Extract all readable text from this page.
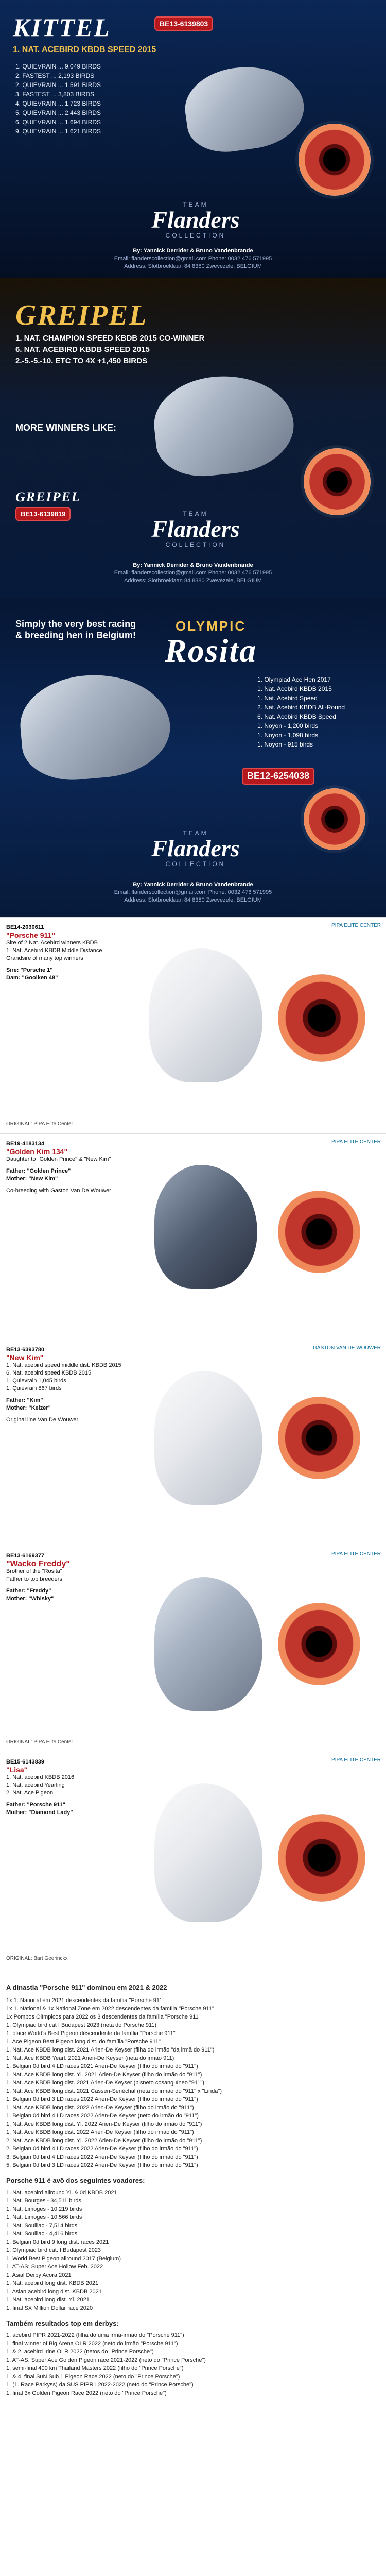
KITTEL	BE13-6139803
1. NAT. ACEBIRD KBDB SPEED 2015
1. QUIEVRAIN ... 9,049 BIRDS
2. FASTEST ... 2,193 BIRDS
2. QUIEVRAIN ... 1,591 BIRDS
3. FASTEST ... 3,803 BIRDS
4. QUIEVRAIN ... 1,723 BIRDS
5. QUIEVRAIN ... 2,443 BIRDS
6. QUIEVRAIN ... 1,694 BIRDS
9. QUIEVRAIN ... 1,621 BIRDS

TEAM
Flanders
COLLECTION
By: Yannick Derrider & Bruno Vandenbrande
Email: flanderscollection@gmail.com Phone: 0032 476 571995
Address: Slotbroeklaan 84 8380 Zwevezele, BELGIUM
GREIPEL
1. NAT. CHAMPION SPEED KBDB 2015 CO-WINNER
6. NAT. ACEBIRD KBDB SPEED 2015
2.-5.-5.-10. ETC TO 4X +1,450 BIRDS
MORE WINNERS LIKE:
GREIPEL
BE13-6139819	TEAM
Flanders
COLLECTION
By: Yannick Derrider & Bruno Vandenbrande
Email: flanderscollection@gmail.com Phone: 0032 476 571995
Address: Slotbroeklaan 84 8380 Zwevezele, BELGIUM
Simply the very best racing
& breeding hen in Belgium!
OLYMPIC
Rosita
1. Olympiad Ace Hen 2017
1. Nat. Acebird KBDB 2015
1. Nat. Acebird Speed
2. Nat. Acebird KBDB All-Round
6. Nat. Acebird KBDB Speed
1. Noyon - 1,200 birds
1. Noyon - 1,098 birds
1. Noyon - 915 birds
BE12-6254038
TEAM
Flanders
COLLECTION
By: Yannick Derrider & Bruno Vandenbrande
Email: flanderscollection@gmail.com Phone: 0032 476 571995
Address: Slotbroeklaan 84 8380 Zwevezele, BELGIUM
BE14-2030611
"Porsche 911"
Sire of 2 Nat. Acebird winners KBDB
1. Nat. Acebird KBDB Middle Distance
Grandsire of many top winners
Sire: "Porsche 1"
Dam: "Gooiken 48"
PIPA ELITE CENTER
ORIGINAL: PIPA Elite Center
BE19-4183134
"Golden Kim 134"
Daughter to "Golden Prince" & "New Kim"
Father: "Golden Prince"
Mother: "New Kim"
Co-breeding with Gaston Van De Wouwer
PIPA ELITE CENTER
BE13-6393780
"New Kim"
1. Nat. acebird speed middle dist. KBDB 2015
6. Nat. acebird speed KBDB 2015
1. Quievrain 1,045 birds
1. Quievrain 867 birds
Father: "Kim"
Mother: "Keizer"
Original line Van De Wouwer
GASTON VAN DE WOUWER
BE13-6169377
"Wacko Freddy"
Brother of the "Rosita"
Father to top breeders
Father: "Freddy"
Mother: "Whisky"
PIPA ELITE CENTER
ORIGINAL: PIPA Elite Center
BE15-6143839
"Lisa"
1. Nat. acebird KBDB 2016
1. Nat. acebird Yearling
2. Nat. Ace Pigeon
Father: "Porsche 911"
Mother: "Diamond Lady"
PIPA ELITE CENTER
ORIGINAL: Bart Geerinckx
A dinastia "Porsche 911" dominou em 2021 & 2022
1x 1. National em 2021 descendentes da família "Porsche 911"
1x 1. National & 1x National Zone em 2022 descendentes da família "Porsche 911"
1x Pombos Olímpicos para 2022 os 3 descendentes da família "Porsche 911"
1. Olympiad bird cat I Budapest 2023 (neta do Porsche 911)
1. place World's Best Pigeon descendente da família "Porsche 911"
1. Ace Pigeon Best Pigeon long dist. do família "Porsche 911"
1. Nat. Ace KBDB long dist. 2021 Arien-De Keyser (filha do irmão "da irmã do 911")
1. Nat. Ace KBDB Yearl. 2021 Arien-De Keyser (neta do irmão 911)
1. Belgian 0d bird 4 LD races 2021 Arien-De Keyser (filho do irmão do "911")
1. Nat. Ace KBDB long dist. Yl. 2021 Arien-De Keyser (filho do irmão do "911")
1. Nat. Ace KBDB long dist. 2021 Arien-De Keyser (bisneto cosanguíneo "911")
1. Nat. Ace KBDB long dist. 2021 Cassen-Sénéchal (neta do irmão do "911" x "Linda")
1. Belgian 0d bird 3 LD races 2022 Arien-De Keyser (filho do irmão do "911")
1. Nat. Ace KBDB long dist. 2022 Arien-De Keyser (filho do irmão do "911")
1. Belgian 0d bird 4 LD races 2022 Arien-De Keyser (neto do irmão do "911")
1. Nat. Ace KBDB long dist. Yl. 2022 Arien-De Keyser (filho do irmão do "911")
1. Nat. Ace KBDB long dist. 2022 Arien-De Keyser (filho do irmão do "911")
2. Nat. Ace KBDB long dist. Yl. 2022 Arien-De Keyser (filho do irmão do "911")
2. Belgian 0d bird 4 LD races 2022 Arien-De Keyser (filho do irmão do "911")
3. Belgian 0d bird 4 LD races 2022 Arien-De Keyser (filho do irmão do "911")
5. Belgian 0d bird 3 LD races 2022 Arien-De Keyser (filho do irmão do "911")
Porsche 911 é avô dos seguintes voadores:
1. Nat. acebird allround Yl. & 0d KBDB 2021
1. Nat. Bourges - 34,511 birds
1. Nat. Limoges - 10,219 birds
1. Nat. Limoges - 10,566 birds
1. Nat. Souillac - 7,514 birds
1. Nat. Souillac - 4,416 birds
1. Belgian 0d bird 9 long dist. races 2021
1. Olympiad bird cat. I Budapest 2023
1. World Best Pigeon allround 2017 (Belgium)
1. AT-AS: Super Ace Hollow Feb. 2022
1. Asial Derby Acora 2021
1. Nat. acebird long dist. KBDB 2021
1. Asian acebird long dist. KBDB 2021
1. Nat. acebird long dist. Yl. 2021
1. final SX Million Dollar race 2020
Também resultados top em derbys:
1. acebird PIPR 2021-2022 (filha do uma irmã-irmão do "Porsche 911")
1. final winner of Big Arena OLR 2022 (neto do irmão "Porsche 911")
1. & 2. acebird Irine OLR 2022 (netos do "Prince Porsche")
1. AT-AS: Super Ace Golden Pigeon race 2021-2022 (neto do "Prince Porsche")
1. semi-final 400 km Thailand Masters 2022 (filho do "Prince Porsche")
1. & 4. final SuN Sub 1 Pigeon Race 2022 (neto do "Prince Porsche")
1. (1. Race Parkyss) da SUS PIPR1 2022-2022 (neto do "Prince Porsche")
1. final 3x Golden Pigeon Race 2022 (neto do "Prince Porsche")
